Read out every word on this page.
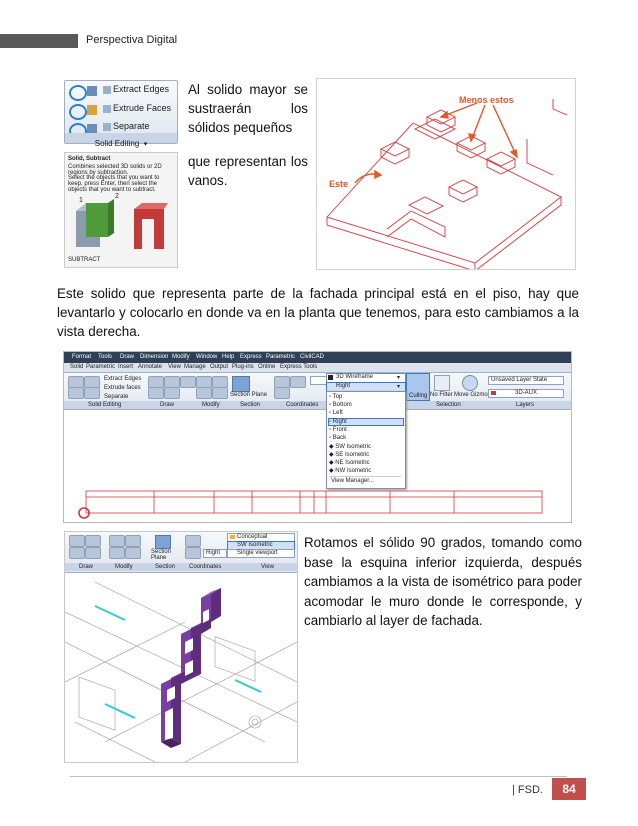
Perspectiva Digital
Extract Edges
Extrude Faces
Separate
Solid Editing ▾
Solid, Subtract
Combines selected 3D solids or 2D regions by subtraction.
Select the objects that you want to keep, press Enter, then select the objects that you want to subtract.
1
2
SUBTRACT
Al solido mayor se sustraerán los sólidos pequeños
que representan los vanos.
Menos estos
Este
Este solido que representa parte de la fachada principal está en el piso, hay que levantarlo y colocarlo en donde va en la planta que tenemos, para esto cambiamos a la vista derecha.
Format Tools Draw Dimension Modify Window Help Express Parametric CivilCAD
Solid Parametric Insert Annotate View Manage Output Plug-ins Online Express Tools
Extract Edges
Extrude faces
Separate	Section Plane
3D Wireframe	▾
Right	▾
Culling No Filter Move Gizmo
Unsaved Layer State
3D-AUX
Solid Editing	Draw	Modify	Section	Coordinates	Selection	Layers
▫ Top
▫ Bottom
▫ Left
▫ Right
▫ Front
▫ Back
◆ SW Isometric
◆ SE Isometric
◆ NE Isometric
◆ NW Isometric
View Manager...
Section Plane
Right
Conceptual
SW Isometric
Single viewport
Draw	Modify	Section Coordinates	View
Rotamos el sólido 90 grados, tomando como base la esquina inferior izquierda, después cambiamos a la vista de isométrico para poder acomodar le muro donde le corresponde, y cambiarlo al layer de fachada.
| FSD.	84
